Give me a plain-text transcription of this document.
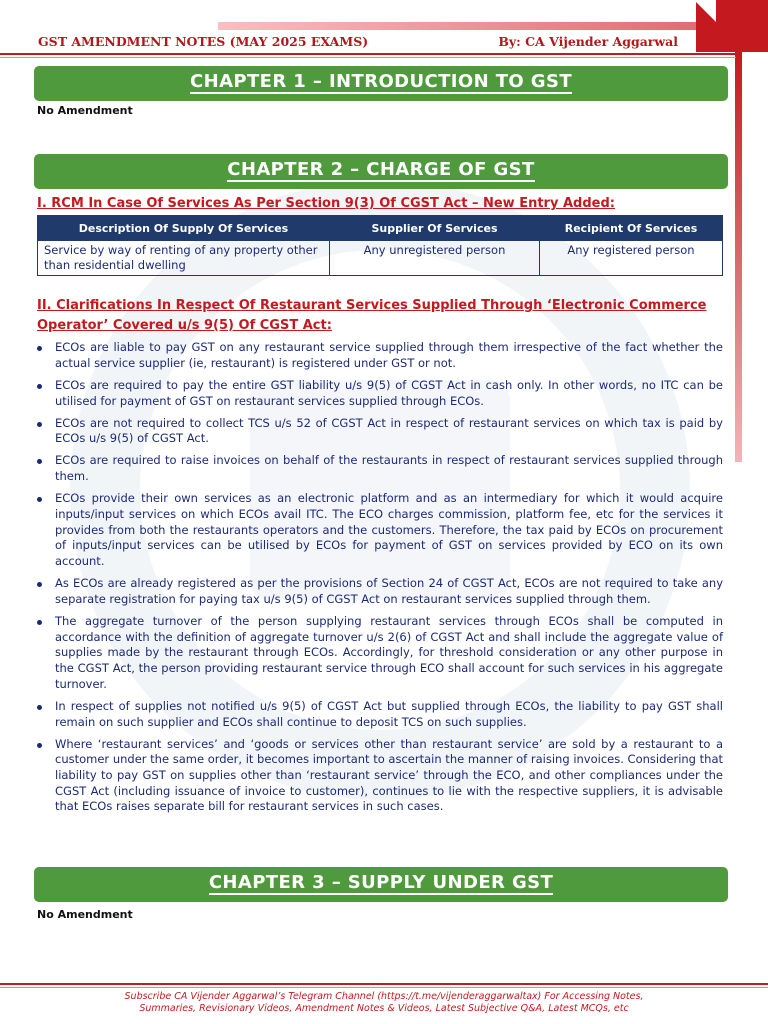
GST AMENDMENT NOTES (MAY 2025 EXAMS)	By: CA Vijender Aggarwal
CHAPTER 1 – INTRODUCTION TO GST
No Amendment
CHAPTER 2 – CHARGE OF GST
I. RCM In Case Of Services As Per Section 9(3) Of CGST Act – New Entry Added:
Description Of Supply Of Services	Supplier Of Services	Recipient Of Services
Service by way of renting of any property other than residential dwelling	Any unregistered person	Any registered person
II. Clarifications In Respect Of Restaurant Services Supplied Through ‘Electronic Commerce Operator’ Covered u/s 9(5) Of CGST Act:
ECOs are liable to pay GST on any restaurant service supplied through them irrespective of the fact whether the actual service supplier (ie, restaurant) is registered under GST or not.
ECOs are required to pay the entire GST liability u/s 9(5) of CGST Act in cash only. In other words, no ITC can be utilised for payment of GST on restaurant services supplied through ECOs.
ECOs are not required to collect TCS u/s 52 of CGST Act in respect of restaurant services on which tax is paid by ECOs u/s 9(5) of CGST Act.
ECOs are required to raise invoices on behalf of the restaurants in respect of restaurant services supplied through them.
ECOs provide their own services as an electronic platform and as an intermediary for which it would acquire inputs/input services on which ECOs avail ITC. The ECO charges commission, platform fee, etc for the services it provides from both the restaurants operators and the customers. Therefore, the tax paid by ECOs on procurement of inputs/input services can be utilised by ECOs for payment of GST on services provided by ECO on its own account.
As ECOs are already registered as per the provisions of Section 24 of CGST Act, ECOs are not required to take any separate registration for paying tax u/s 9(5) of CGST Act on restaurant services supplied through them.
The aggregate turnover of the person supplying restaurant services through ECOs shall be computed in accordance with the definition of aggregate turnover u/s 2(6) of CGST Act and shall include the aggregate value of supplies made by the restaurant through ECOs. Accordingly, for threshold consideration or any other purpose in the CGST Act, the person providing restaurant service through ECO shall account for such services in his aggregate turnover.
In respect of supplies not notified u/s 9(5) of CGST Act but supplied through ECOs, the liability to pay GST shall remain on such supplier and ECOs shall continue to deposit TCS on such supplies.
Where ‘restaurant services’ and ‘goods or services other than restaurant service’ are sold by a restaurant to a customer under the same order, it becomes important to ascertain the manner of raising invoices. Considering that liability to pay GST on supplies other than ‘restaurant service’ through the ECO, and other compliances under the CGST Act (including issuance of invoice to customer), continues to lie with the respective suppliers, it is advisable that ECOs raises separate bill for restaurant services in such cases.
CHAPTER 3 – SUPPLY UNDER GST
No Amendment
Subscribe CA Vijender Aggarwal’s Telegram Channel (https://t.me/vijenderaggarwaltax) For Accessing Notes,
Summaries, Revisionary Videos, Amendment Notes & Videos, Latest Subjective Q&A, Latest MCQs, etc
